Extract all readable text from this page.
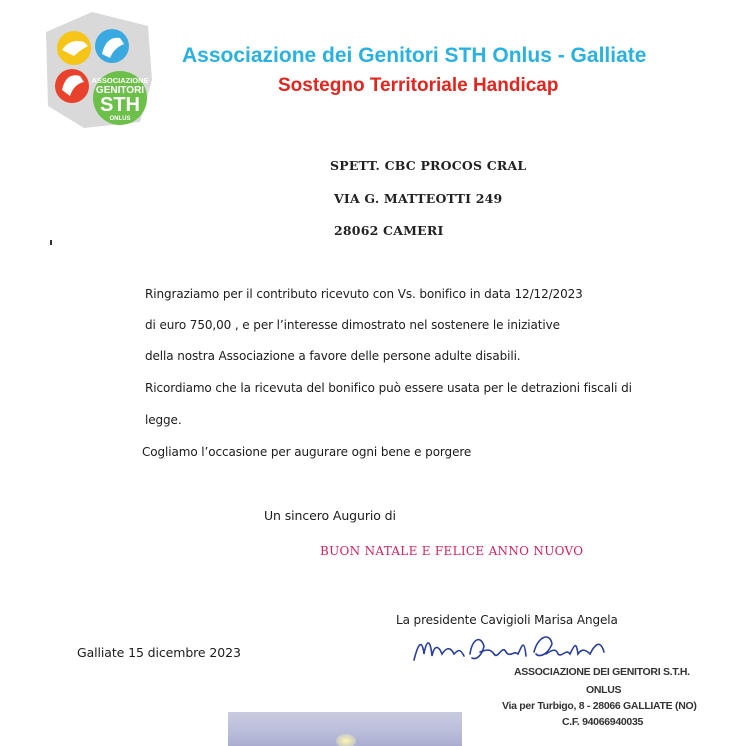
ASSOCIAZIONE
GENITORI
STH
ONLUS
Associazione dei Genitori STH Onlus - Galliate
Sostegno Territoriale Handicap
SPETT. CBC PROCOS CRAL
VIA G. MATTEOTTI 249
28062 CAMERI
Ringraziamo per il contributo ricevuto con Vs. bonifico in data 12/12/2023
di euro 750,00 , e per l’interesse dimostrato nel sostenere le iniziative
della nostra Associazione a favore delle persone adulte disabili.
Ricordiamo che la ricevuta del bonifico può essere usata per le detrazioni fiscali di
legge.
Cogliamo l’occasione per augurare ogni bene e porgere
Un sincero Augurio di
BUON NATALE E FELICE ANNO NUOVO
La presidente Cavigioli Marisa Angela
Galliate 15 dicembre 2023
ASSOCIAZIONE DEI GENITORI S.T.H.
ONLUS
Via per Turbigo, 8 - 28066 GALLIATE (NO)
C.F. 94066940035
